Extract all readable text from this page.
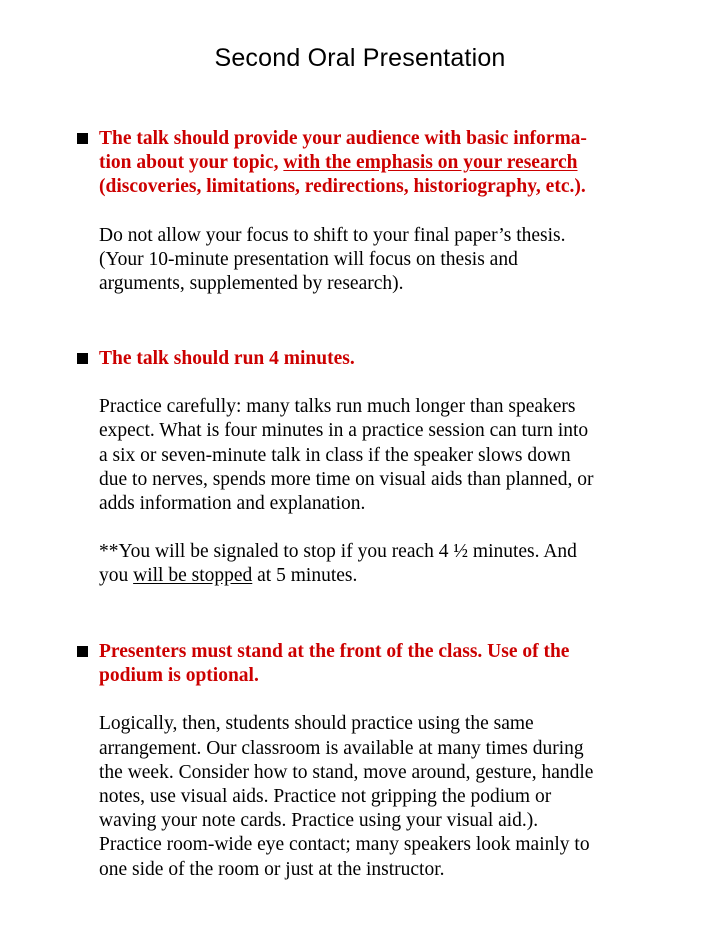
Second Oral Presentation
The talk should provide your audience with basic informa-
tion about your topic, with the emphasis on your research
(discoveries, limitations, redirections, historiography, etc.).

Do not allow your focus to shift to your final paper’s thesis.

(Your 10-minute presentation will focus on thesis and

arguments, supplemented by research).

The talk should run 4 minutes.

Practice carefully: many talks run much longer than speakers

expect. What is four minutes in a practice session can turn into

a six or seven-minute talk in class if the speaker slows down

due to nerves, spends more time on visual aids than planned, or

adds information and explanation.

**You will be signaled to stop if you reach 4 ½ minutes. And

you will be stopped at 5 minutes.

Presenters must stand at the front of the class. Use of the
podium is optional.

Logically, then, students should practice using the same

arrangement. Our classroom is available at many times during

the week. Consider how to stand, move around, gesture, handle

notes, use visual aids. Practice not gripping the podium or

waving your note cards. Practice using your visual aid.).

Practice room-wide eye contact; many speakers look mainly to

one side of the room or just at the instructor.
